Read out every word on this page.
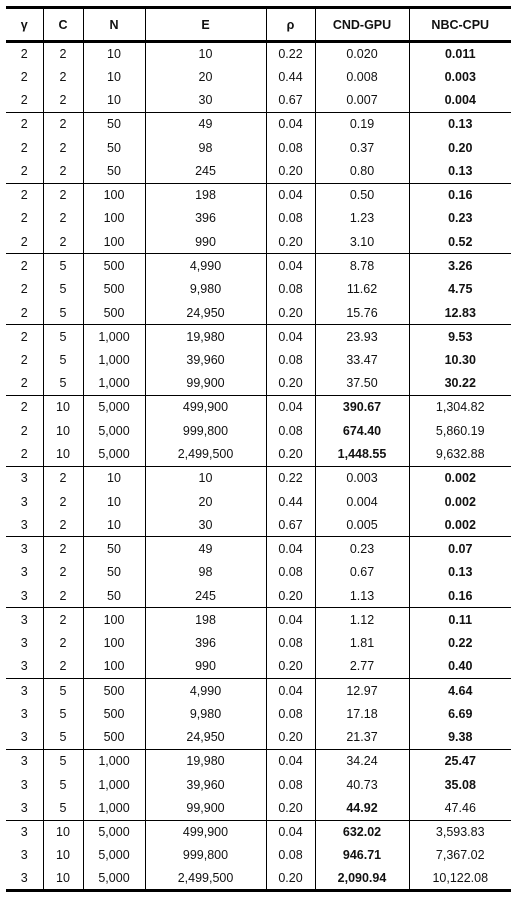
γ	C	N	E	ρ	CND-GPU	NBC-CPU
2	2	10	10	0.22	0.020	0.011
2	2	10	20	0.44	0.008	0.003
2	2	10	30	0.67	0.007	0.004
2	2	50	49	0.04	0.19	0.13
2	2	50	98	0.08	0.37	0.20
2	2	50	245	0.20	0.80	0.13
2	2	100	198	0.04	0.50	0.16
2	2	100	396	0.08	1.23	0.23
2	2	100	990	0.20	3.10	0.52
2	5	500	4,990	0.04	8.78	3.26
2	5	500	9,980	0.08	11.62	4.75
2	5	500	24,950	0.20	15.76	12.83
2	5	1,000	19,980	0.04	23.93	9.53
2	5	1,000	39,960	0.08	33.47	10.30
2	5	1,000	99,900	0.20	37.50	30.22
2	10	5,000	499,900	0.04	390.67	1,304.82
2	10	5,000	999,800	0.08	674.40	5,860.19
2	10	5,000	2,499,500	0.20	1,448.55	9,632.88
3	2	10	10	0.22	0.003	0.002
3	2	10	20	0.44	0.004	0.002
3	2	10	30	0.67	0.005	0.002
3	2	50	49	0.04	0.23	0.07
3	2	50	98	0.08	0.67	0.13
3	2	50	245	0.20	1.13	0.16
3	2	100	198	0.04	1.12	0.11
3	2	100	396	0.08	1.81	0.22
3	2	100	990	0.20	2.77	0.40
3	5	500	4,990	0.04	12.97	4.64
3	5	500	9,980	0.08	17.18	6.69
3	5	500	24,950	0.20	21.37	9.38
3	5	1,000	19,980	0.04	34.24	25.47
3	5	1,000	39,960	0.08	40.73	35.08
3	5	1,000	99,900	0.20	44.92	47.46
3	10	5,000	499,900	0.04	632.02	3,593.83
3	10	5,000	999,800	0.08	946.71	7,367.02
3	10	5,000	2,499,500	0.20	2,090.94	10,122.08
